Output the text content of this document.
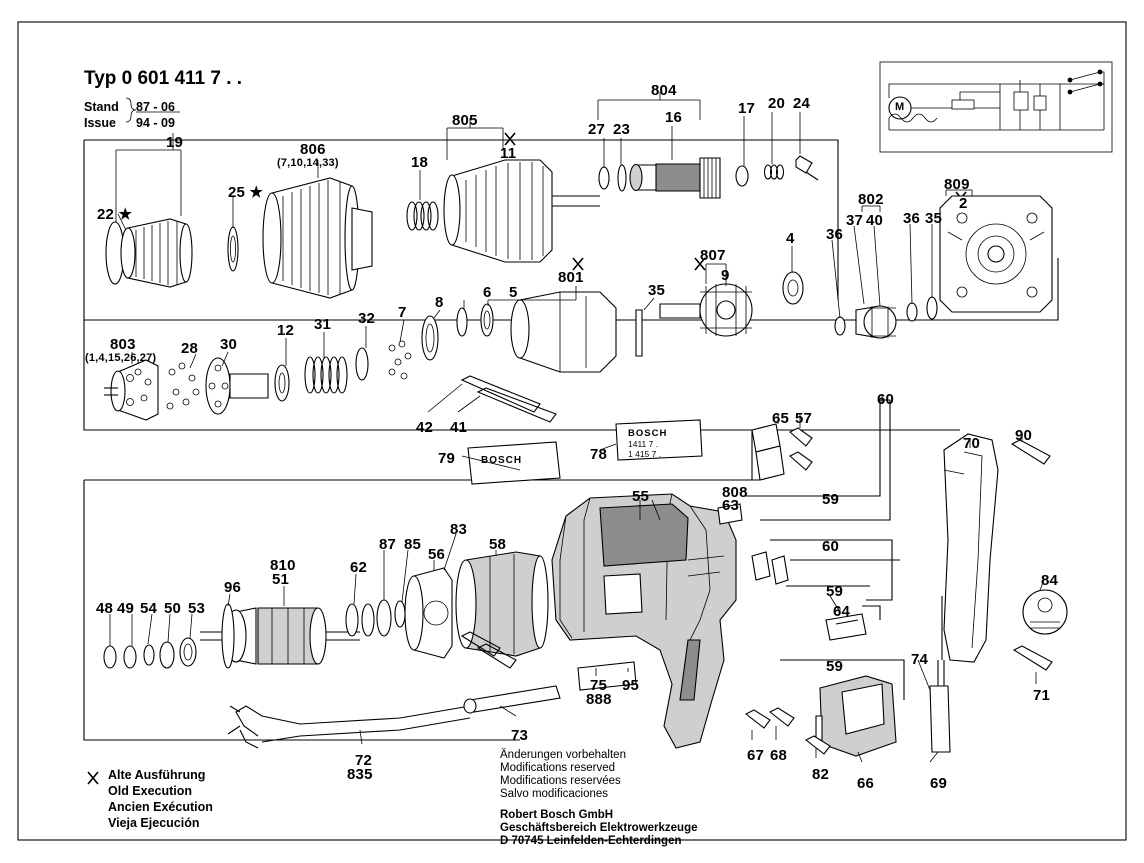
Typ 0 601 411 7 . .
Stand
Issue
87 - 06
94 - 09
19
25 ★
22 ★
806
(7,10,14,33)	18
805
11
27 23
16
804
17 20 24
802
37 40
36
36 35
809
2
807
9
4
801
35
6 5
8
7
32
31
12
30
28
803
(1,4,15,26,27)
42 41
79	78
55
65 57
60
808
63	59
60
59
59
64
70 90
84
71
74
69
66
82
67 68
810
51
96
62
87 85
56
83
58
48 49 54 50 53
75 95
888
73
72
835
BOSCH
BOSCH
1411 7 .
1 415 7 .
M
Alte Ausführung
Old Execution
Ancien Exécution
Vieja Ejecución
Änderungen vorbehalten
Modifications reserved
Modifications reservées
Salvo modificaciones
Robert Bosch GmbH
Geschäftsbereich Elektrowerkzeuge
D 70745 Leinfelden-Echterdingen
